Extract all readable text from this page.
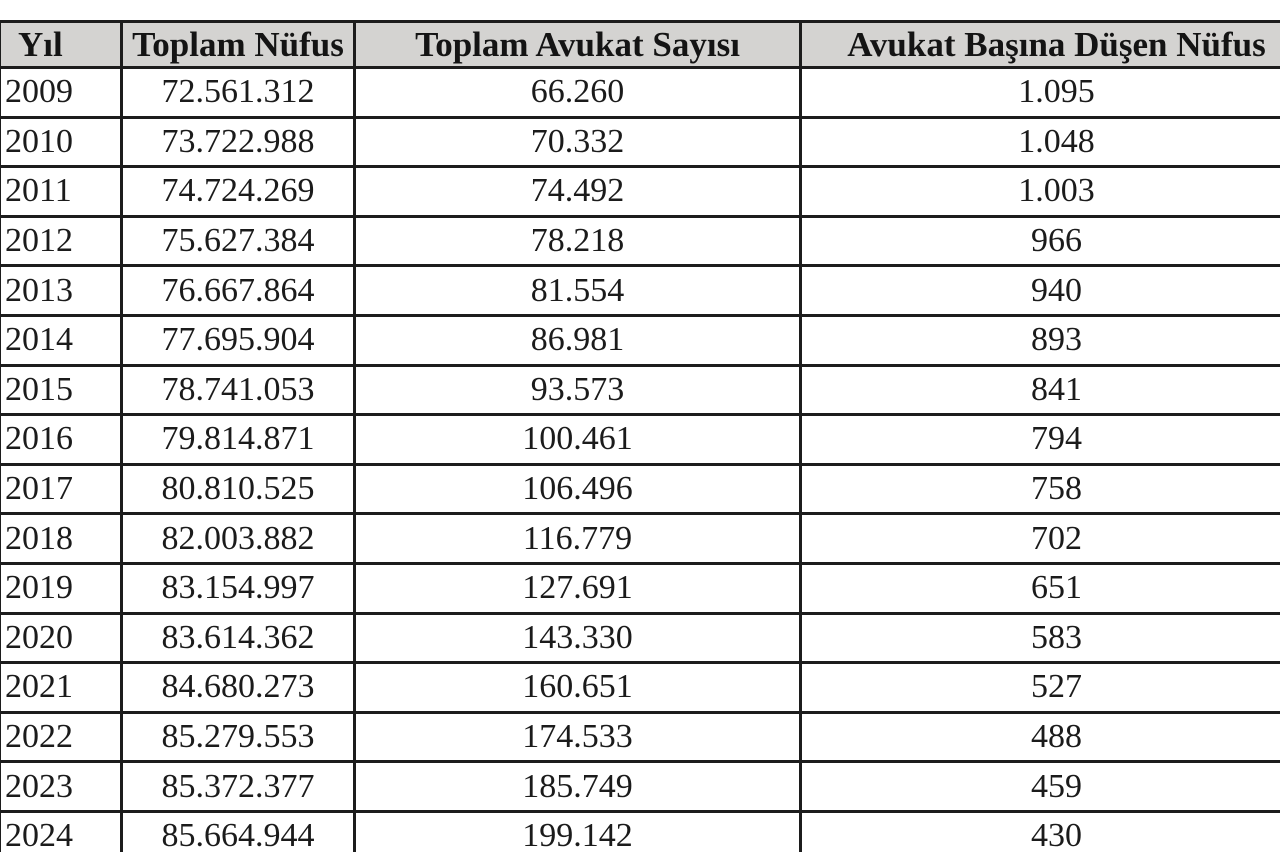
Yıl	Toplam Nüfus	Toplam Avukat Sayısı	Avukat Başına Düşen Nüfus
2009	72.561.312	66.260	1.095
2010	73.722.988	70.332	1.048
2011	74.724.269	74.492	1.003
2012	75.627.384	78.218	966
2013	76.667.864	81.554	940
2014	77.695.904	86.981	893
2015	78.741.053	93.573	841
2016	79.814.871	100.461	794
2017	80.810.525	106.496	758
2018	82.003.882	116.779	702
2019	83.154.997	127.691	651
2020	83.614.362	143.330	583
2021	84.680.273	160.651	527
2022	85.279.553	174.533	488
2023	85.372.377	185.749	459
2024	85.664.944	199.142	430
